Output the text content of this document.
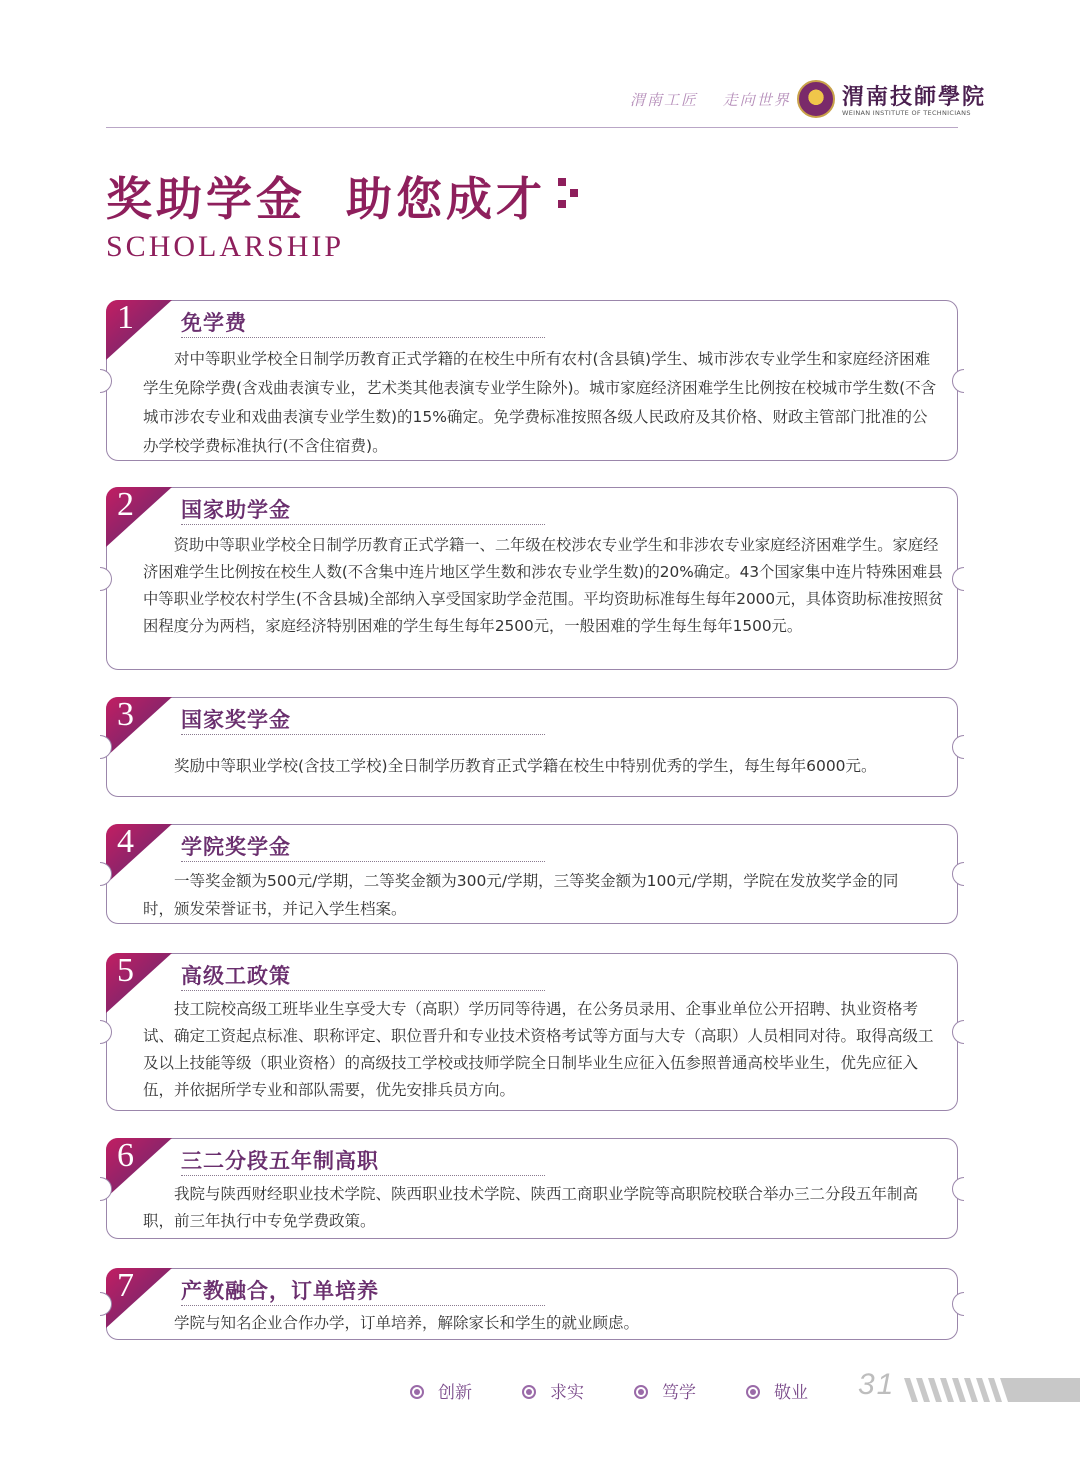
渭南工匠 走向世界	渭南技師學院
WEINAN INSTITUTE OF TECHNICIANS
奖助学金  助您成才
SCHOLARSHIP
1 免学费
对中等职业学校全日制学历教育正式学籍的在校生中所有农村(含县镇)学生、城市涉农专业学生和家庭经济困难学生免除学费(含戏曲表演专业，艺术类其他表演专业学生除外)。城市家庭经济困难学生比例按在校城市学生数(不含城市涉农专业和戏曲表演专业学生数)的15%确定。免学费标准按照各级人民政府及其价格、财政主管部门批准的公办学校学费标准执行(不含住宿费)。
2 国家助学金
资助中等职业学校全日制学历教育正式学籍一、二年级在校涉农专业学生和非涉农专业家庭经济困难学生。家庭经济困难学生比例按在校生人数(不含集中连片地区学生数和涉农专业学生数)的20%确定。43个国家集中连片特殊困难县中等职业学校农村学生(不含县城)全部纳入享受国家助学金范围。平均资助标准每生每年2000元，具体资助标准按照贫困程度分为两档，家庭经济特别困难的学生每生每年2500元，一般困难的学生每生每年1500元。
3 国家奖学金
奖励中等职业学校(含技工学校)全日制学历教育正式学籍在校生中特别优秀的学生，每生每年6000元。
4 学院奖学金
一等奖金额为500元/学期，二等奖金额为300元/学期，三等奖金额为100元/学期，学院在发放奖学金的同时，颁发荣誉证书，并记入学生档案。
5 高级工政策
技工院校高级工班毕业生享受大专（高职）学历同等待遇，在公务员录用、企事业单位公开招聘、执业资格考试、确定工资起点标准、职称评定、职位晋升和专业技术资格考试等方面与大专（高职）人员相同对待。取得高级工及以上技能等级（职业资格）的高级技工学校或技师学院全日制毕业生应征入伍参照普通高校毕业生，优先应征入伍，并依据所学专业和部队需要，优先安排兵员方向。
6 三二分段五年制高职
我院与陕西财经职业技术学院、陕西职业技术学院、陕西工商职业学院等高职院校联合举办三二分段五年制高职，前三年执行中专免学费政策。
7 产教融合，订单培养
学院与知名企业合作办学，订单培养，解除家长和学生的就业顾虑。
创新	求实	笃学	敬业 31
